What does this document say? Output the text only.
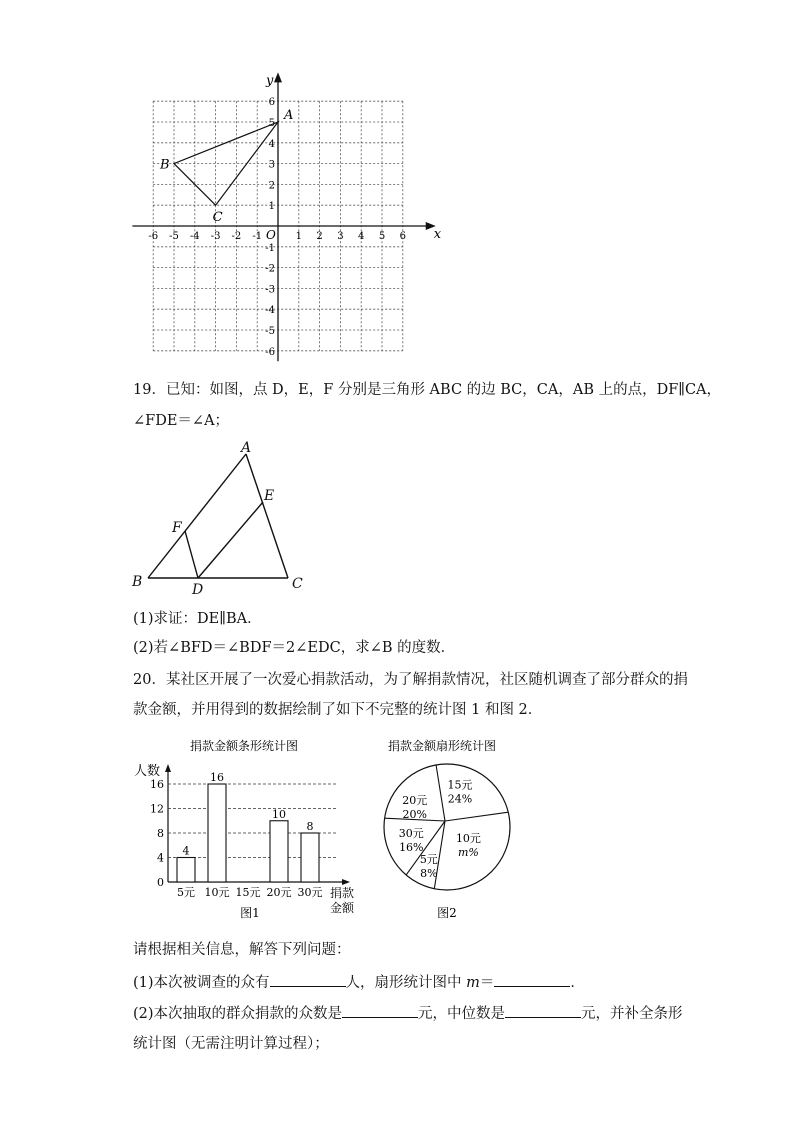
x
y
O
-6 -5 -4 -3 -2 -1	1 2 3 4 5 6
6
5
4
3
2
1
-1
-2
-3
-4
-5
-6
A
B
C
19．已知：如图，点 D，E，F 分别是三角形 ABC 的边 BC，CA，AB 上的点，DF∥CA，
∠FDE＝∠A；
A
B	C
D
E
F
(1)求证：DE∥BA．
(2)若∠BFD＝∠BDF＝2∠EDC，求∠B 的度数．
20．某社区开展了一次爱心捐款活动，为了解捐款情况，社区随机调查了部分群众的捐
款金额，并用得到的数据绘制了如下不完整的统计图 1 和图 2．
捐款金额条形统计图
人数
0
4
8
12
16
4
5元
16
10元 15元
10
20元
8
30元 捐款
金额
图1
捐款金额扇形统计图
15元
24%
10元
m%
5元
8%
30元
16%
20元
20%
图2
请根据相关信息，解答下列问题：
(1)本次被调查的众有	人，扇形统计图中 m＝	．
(2)本次抽取的群众捐款的众数是	元，中位数是	元，并补全条形
统计图（无需注明计算过程）；
